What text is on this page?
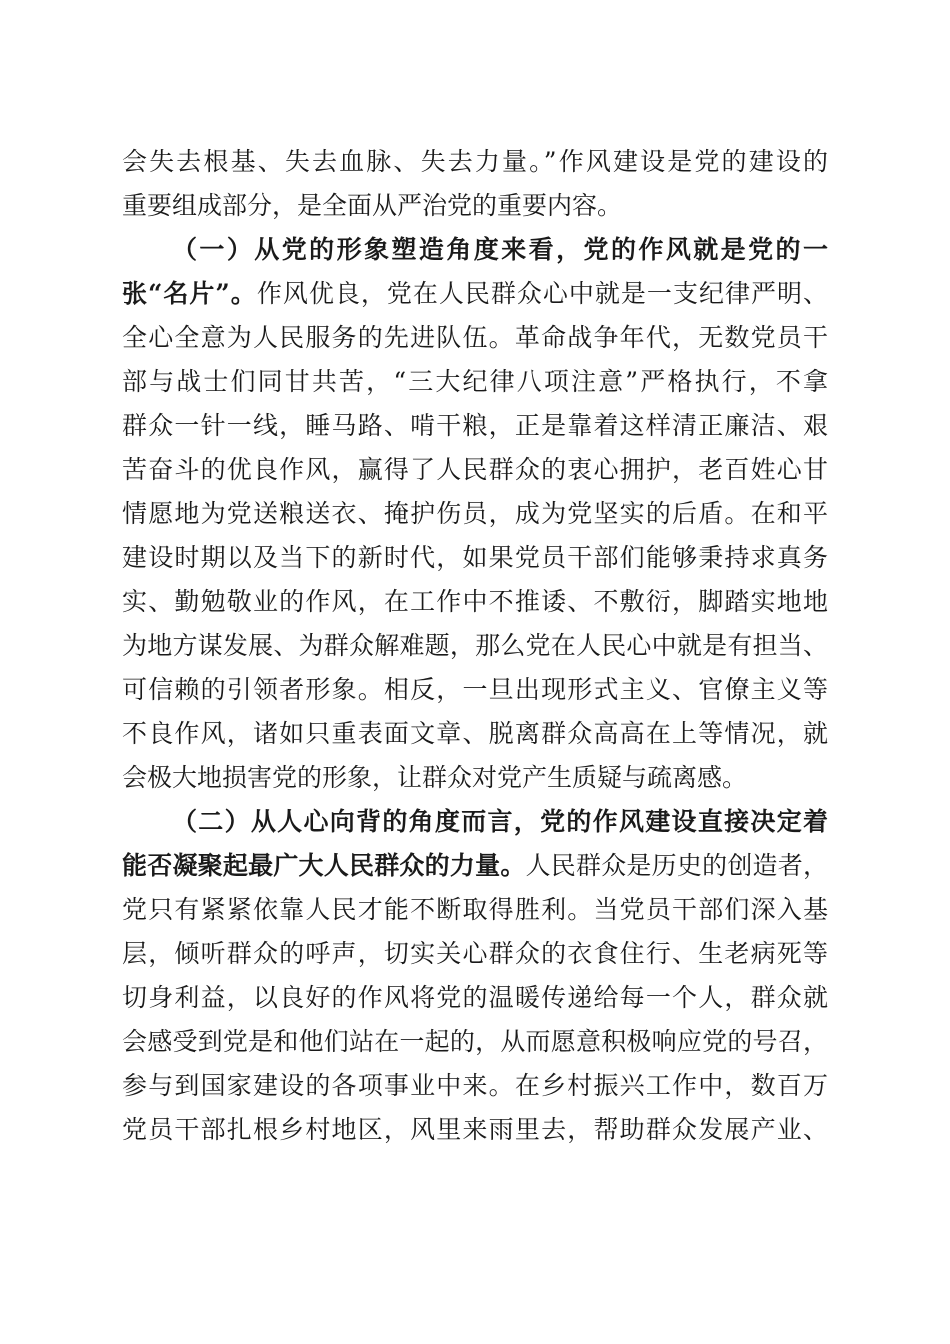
会失去根基、失去血脉、失去力量。”作风建设是党的建设的
重要组成部分，是全面从严治党的重要内容。
（一）从党的形象塑造角度来看，党的作风就是党的一
张“名片”。作风优良，党在人民群众心中就是一支纪律严明、
全心全意为人民服务的先进队伍。革命战争年代，无数党员干
部与战士们同甘共苦，“三大纪律八项注意”严格执行，不拿
群众一针一线，睡马路、啃干粮，正是靠着这样清正廉洁、艰
苦奋斗的优良作风，赢得了人民群众的衷心拥护，老百姓心甘
情愿地为党送粮送衣、掩护伤员，成为党坚实的后盾。在和平
建设时期以及当下的新时代，如果党员干部们能够秉持求真务
实、勤勉敬业的作风，在工作中不推诿、不敷衍，脚踏实地地
为地方谋发展、为群众解难题，那么党在人民心中就是有担当、
可信赖的引领者形象。相反，一旦出现形式主义、官僚主义等
不良作风，诸如只重表面文章、脱离群众高高在上等情况，就
会极大地损害党的形象，让群众对党产生质疑与疏离感。
（二）从人心向背的角度而言，党的作风建设直接决定着
能否凝聚起最广大人民群众的力量。人民群众是历史的创造者，
党只有紧紧依靠人民才能不断取得胜利。当党员干部们深入基
层，倾听群众的呼声，切实关心群众的衣食住行、生老病死等
切身利益，以良好的作风将党的温暖传递给每一个人，群众就
会感受到党是和他们站在一起的，从而愿意积极响应党的号召，
参与到国家建设的各项事业中来。在乡村振兴工作中，数百万
党员干部扎根乡村地区，风里来雨里去，帮助群众发展产业、
